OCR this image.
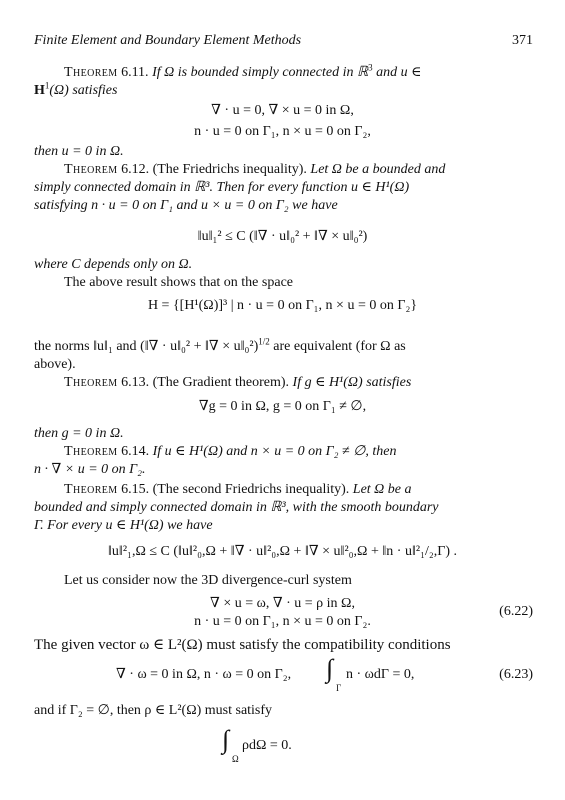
Finite Element and Boundary Element Methods	371
Theorem 6.11. If Ω is bounded simply connected in ℝ$^3$ and u ∈
$H^1(\Omega)$ satisfies
∇ · u = 0, ∇ × u = 0 in Ω,
n · u = 0 on Γ₁, n × u = 0 on Γ₂,
then u = 0 in Ω.
Theorem 6.12. (The Friedrichs inequality). Let Ω be a bounded and
simply connected domain in ℝ³. Then for every function u ∈ H¹(Ω)
satisfying n · u = 0 on Γ₁ and u × u = 0 on Γ₂ we have
‖u‖₁² ≤ C (‖∇ · u‖₀² + ‖∇ × u‖₀²)
where C depends only on Ω.
The above result shows that on the space
H = {[H¹(Ω)]³ | n · u = 0 on Γ₁, n × u = 0 on Γ₂}
the norms ‖u‖₁ and (‖∇ · u‖₀² + ‖∇ × u‖₀²)$^{1/2}$ are equivalent (for Ω as
above).
Theorem 6.13. (The Gradient theorem). If g ∈ H¹(Ω) satisfies
∇g = 0 in Ω, g = 0 on Γ₁ ≠ ∅,
then g = 0 in Ω.
Theorem 6.14. If u ∈ H¹(Ω) and n × u = 0 on Γ₂ ≠ ∅, then
n · ∇ × u = 0 on Γ₂.
Theorem 6.15. (The second Friedrichs inequality). Let Ω be a
bounded and simply connected domain in ℝ³, with the smooth boundary
Γ. For every u ∈ H¹(Ω) we have
‖u‖²₁,Ω ≤ C (‖u‖²₀,Ω + ‖∇ · u‖²₀,Ω + ‖∇ × u‖²₀,Ω + ‖n · u‖²₁/₂,Γ) .
Let us consider now the 3D divergence-curl system
∇ × u = ω, ∇ · u = ρ in Ω,
n · u = 0 on Γ₁, n × u = 0 on Γ₂.
(6.22)
The given vector ω ∈ L²(Ω) must satisfy the compatibility conditions
∇ · ω = 0 in Ω, n · ω = 0 on Γ₂, ∫
Γ
n · ωdΓ = 0,	(6.23)
and if Γ₂ = ∅, then ρ ∈ L²(Ω) must satisfy
∫
Ω
ρdΩ = 0.
